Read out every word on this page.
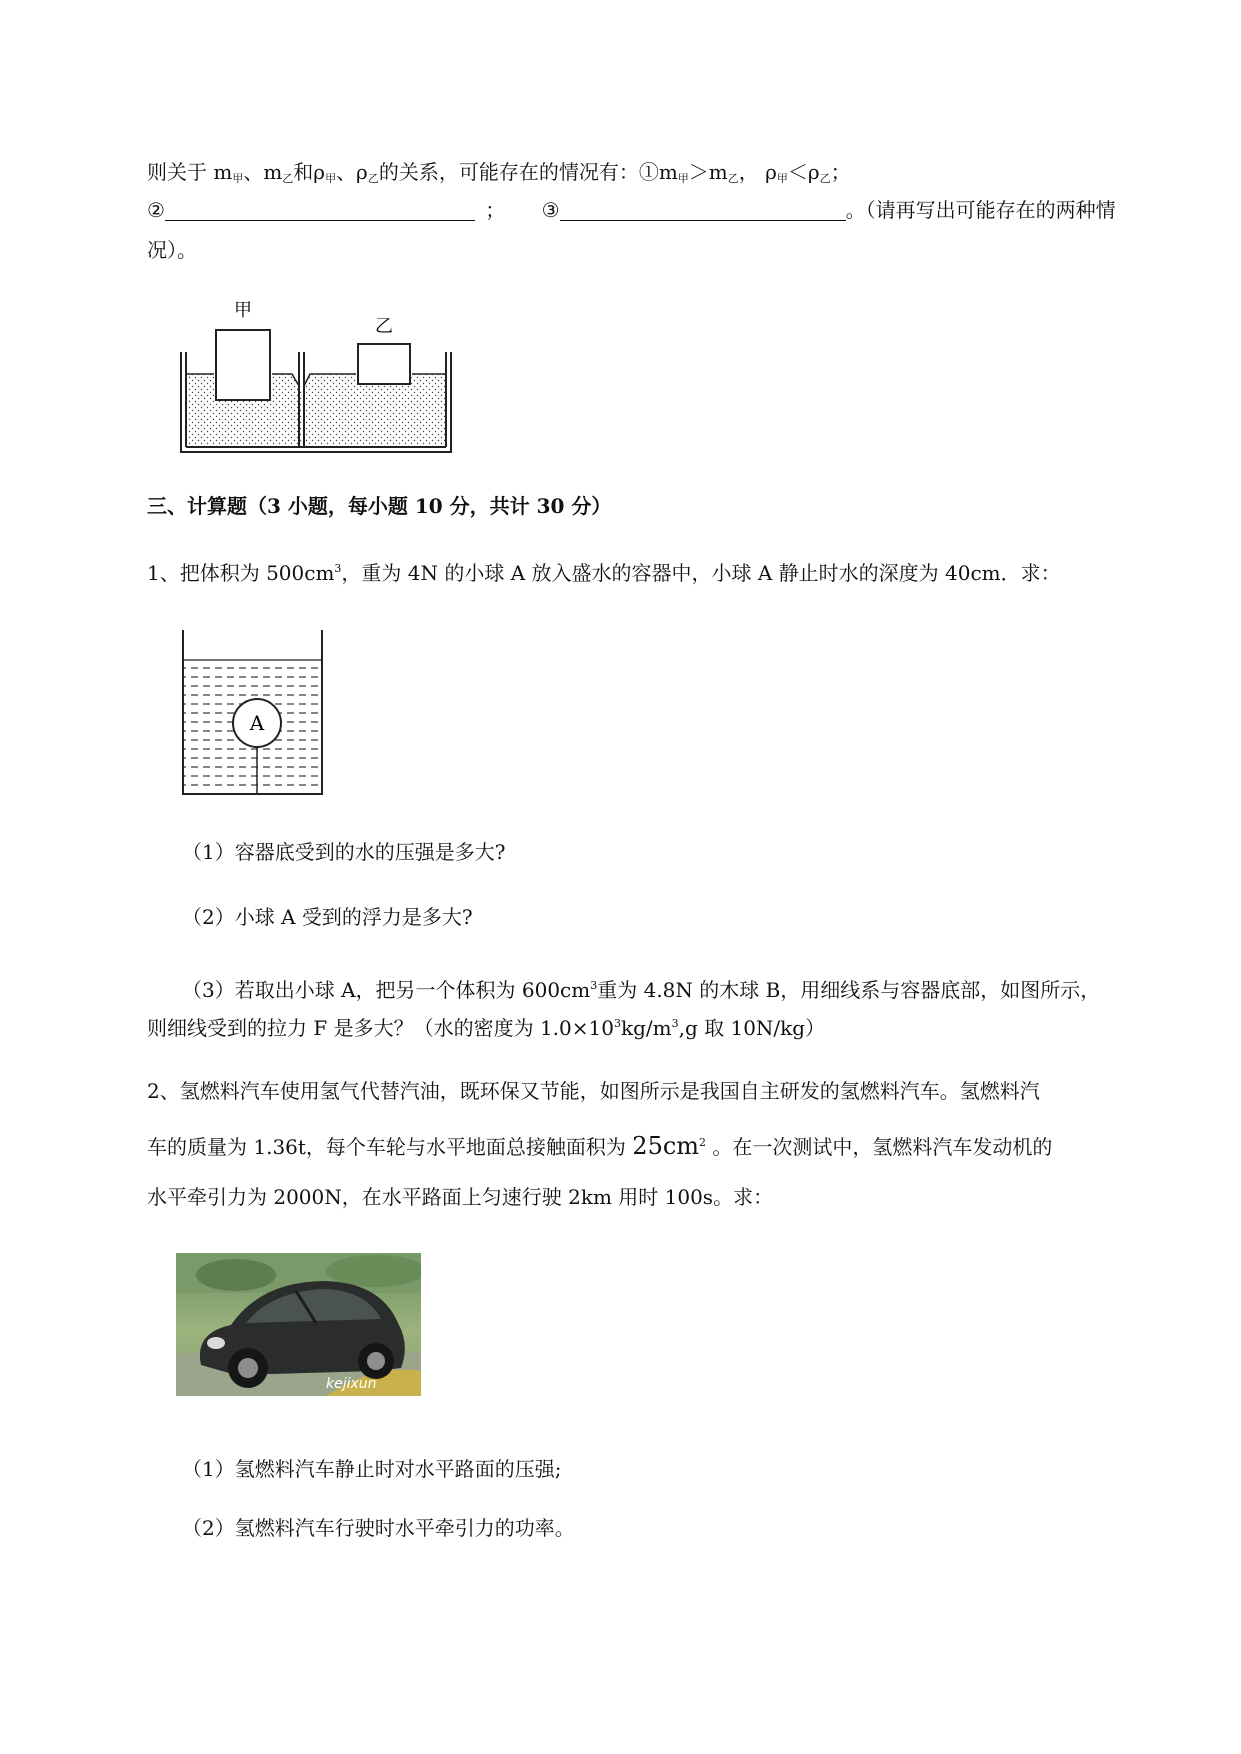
则关于 $m_甲$、$m_乙$和$\rho_甲$、$\rho_乙$的关系，可能存在的情况有：$①m_甲>m_乙$， $\rho_甲<\rho_乙$；
②	； ③	。（请再写出可能存在的两种情
况）。
甲
乙
三、计算题（3 小题，每小题 10 分，共计 30 分）
1、把体积为 $500cm^3$，重为 4N 的小球 A 放入盛水的容器中，小球 A 静止时水的深度为 40cm．求：
A
（1）容器底受到的水的压强是多大?
（2）小球 A 受到的浮力是多大?
（3）若取出小球 A，把另一个体积为 $600cm^3$重为 4.8N 的木球 B，用细线系与容器底部，如图所示，
则细线受到的拉力 F 是多大？（水的密度为 $1.0\times 10^3kg/m^3,g$ 取 10N/kg）
2、氢燃料汽车使用氢气代替汽油，既环保又节能，如图所示是我国自主研发的氢燃料汽车。氢燃料汽
车的质量为 1.36t，每个车轮与水平地面总接触面积为 $25cm^2$ 。在一次测试中，氢燃料汽车发动机的
水平牵引力为 2000N，在水平路面上匀速行驶 2km 用时 100s。求：
kejixun
（1）氢燃料汽车静止时对水平路面的压强;
（2）氢燃料汽车行驶时水平牵引力的功率。
